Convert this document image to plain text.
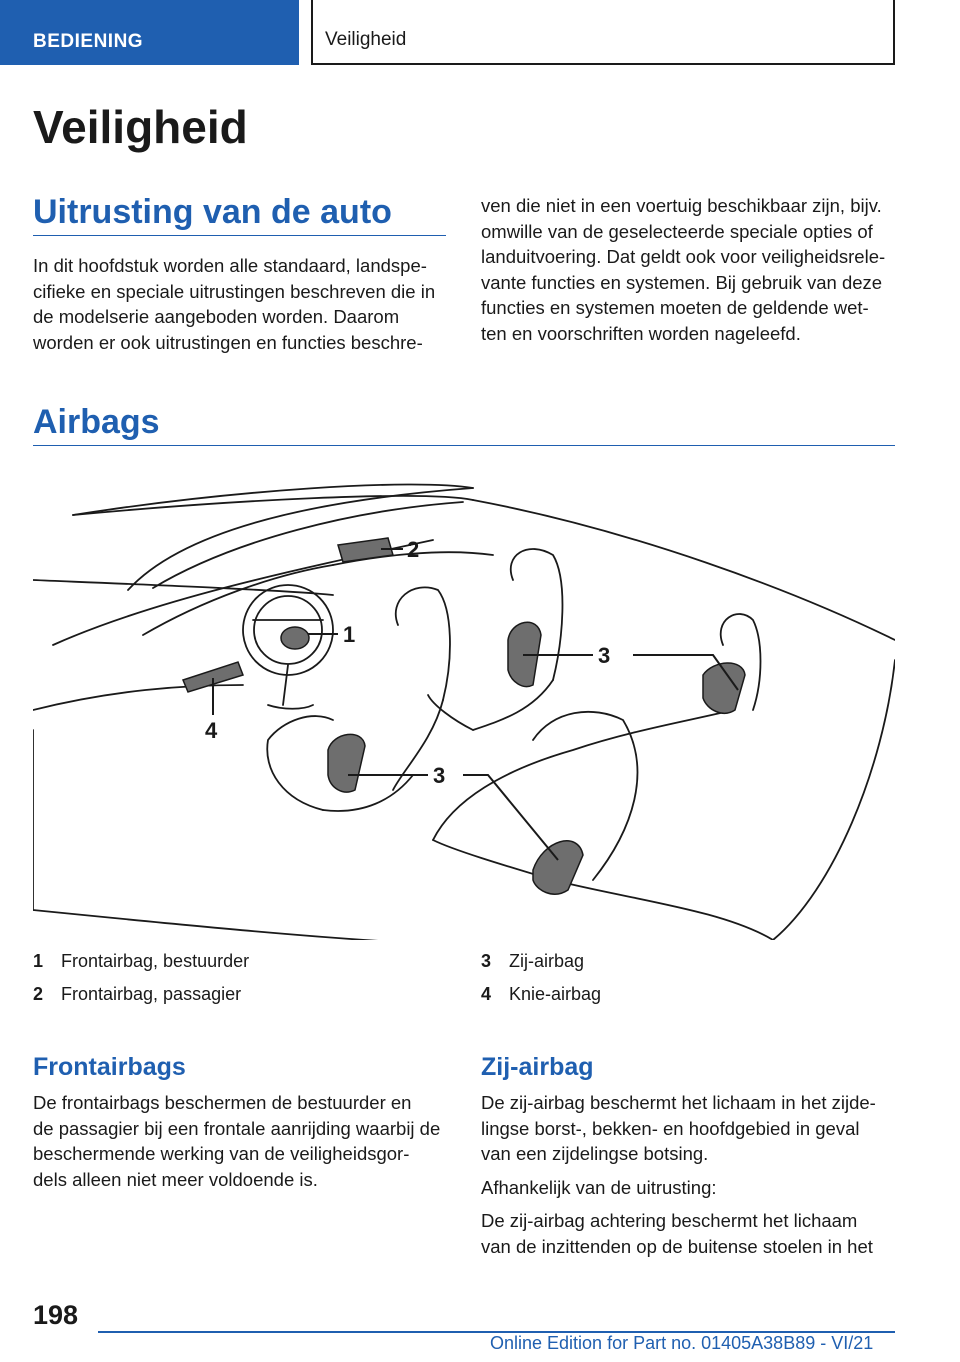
BEDIENING	Veiligheid
Veiligheid
Uitrusting van de auto
In dit hoofdstuk worden alle standaard, landspe-
cifieke en speciale uitrustingen beschreven die in
de modelserie aangeboden worden. Daarom
worden er ook uitrustingen en functies beschre-
ven die niet in een voertuig beschikbaar zijn, bijv.
omwille van de geselecteerde speciale opties of
landuitvoering. Dat geldt ook voor veiligheidsrele-
vante functies en systemen. Bij gebruik van deze
functies en systemen moeten de geldende wet-
ten en voorschriften worden nageleefd.
Airbags
1
2
3
3
4
1 Frontairbag, bestuurder
2 Frontairbag, passagier
3 Zij-airbag
4 Knie-airbag
Frontairbags
De frontairbags beschermen de bestuurder en
de passagier bij een frontale aanrijding waarbij de
beschermende werking van de veiligheidsgor-
dels alleen niet meer voldoende is.
Zij-airbag
De zij-airbag beschermt het lichaam in het zijde-
lingse borst-, bekken- en hoofdgebied in geval
van een zijdelingse botsing.
Afhankelijk van de uitrusting:
De zij-airbag achtering beschermt het lichaam
van de inzittenden op de buitense stoelen in het
198
Online Edition for Part no. 01405A38B89 - VI/21
